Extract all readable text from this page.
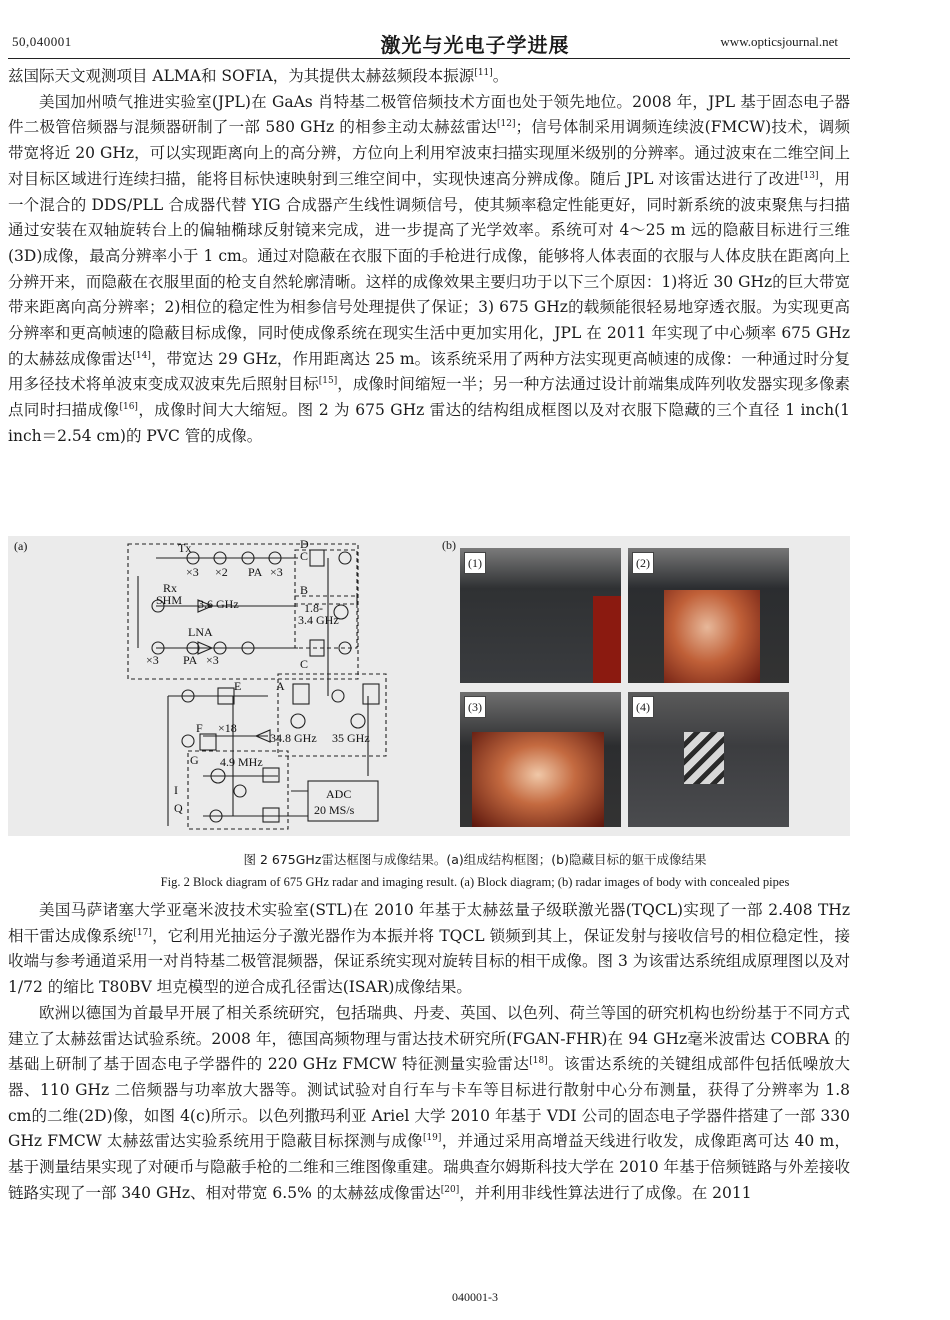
50,040001	激光与光电子学进展	www.opticsjournal.net

兹国际天文观测项目 ALMA和 SOFIA，为其提供太赫兹频段本振源[11]。

美国加州喷气推进实验室(JPL)在 GaAs 肖特基二极管倍频技术方面也处于领先地位。2008 年，JPL 基于固态电子器件二极管倍频器与混频器研制了一部 580 GHz 的相参主动太赫兹雷达[12]；信号体制采用调频连续波(FMCW)技术，调频带宽将近 20 GHz，可以实现距离向上的高分辨，方位向上利用窄波束扫描实现厘米级别的分辨率。通过波束在二维空间上对目标区域进行连续扫描，能将目标快速映射到三维空间中，实现快速高分辨成像。随后 JPL 对该雷达进行了改进[13]，用一个混合的 DDS/PLL 合成器代替 YIG 合成器产生线性调频信号，使其频率稳定性能更好，同时新系统的波束聚焦与扫描通过安装在双轴旋转台上的偏轴椭球反射镜来完成，进一步提高了光学效率。系统可对 4～25 m 远的隐蔽目标进行三维(3D)成像，最高分辨率小于 1 cm。通过对隐蔽在衣服下面的手枪进行成像，能够将人体表面的衣服与人体皮肤在距离向上分辨开来，而隐蔽在衣服里面的枪支自然轮廓清晰。这样的成像效果主要归功于以下三个原因：1)将近 30 GHz的巨大带宽带来距离向高分辨率；2)相位的稳定性为相参信号处理提供了保证；3) 675 GHz的载频能很轻易地穿透衣服。为实现更高分辨率和更高帧速的隐蔽目标成像，同时使成像系统在现实生活中更加实用化，JPL 在 2011 年实现了中心频率 675 GHz 的太赫兹成像雷达[14]，带宽达 29 GHz，作用距离达 25 m。该系统采用了两种方法实现更高帧速的成像：一种通过时分复用多径技术将单波束变成双波束先后照射目标[15]，成像时间缩短一半；另一种方法通过设计前端集成阵列收发器实现多像素点同时扫描成像[16]，成像时间大大缩短。图 2 为 675 GHz 雷达的结构组成框图以及对衣服下隐藏的三个直径 1 inch(1 inch＝2.54 cm)的 PVC 管的成像。

(a)	Tx
Rx
SHM
LNA
PA
PA
×3 ×2	×3
×3	×3
3.6 GHz
D
C
B
1.8-
3.4 GHz
C
A
E
F ×18
34.8 GHz 35 GHz
G 4.9 MHz
I
Q
ADC
20 MS/s
(b)
(1)	(2)
(3)	(4)
图 2 675GHz雷达框图与成像结果。(a)组成结构框图；(b)隐藏目标的躯干成像结果
Fig. 2 Block diagram of 675 GHz radar and imaging result. (a) Block diagram; (b) radar images of body with concealed pipes

美国马萨诸塞大学亚毫米波技术实验室(STL)在 2010 年基于太赫兹量子级联激光器(TQCL)实现了一部 2.408 THz 相干雷达成像系统[17]，它利用光抽运分子激光器作为本振并将 TQCL 锁频到其上，保证发射与接收信号的相位稳定性，接收端与参考通道采用一对肖特基二极管混频器，保证系统实现对旋转目标的相干成像。图 3 为该雷达系统组成原理图以及对 1/72 的缩比 T80BV 坦克模型的逆合成孔径雷达(ISAR)成像结果。

欧洲以德国为首最早开展了相关系统研究，包括瑞典、丹麦、英国、以色列、荷兰等国的研究机构也纷纷基于不同方式建立了太赫兹雷达试验系统。2008 年，德国高频物理与雷达技术研究所(FGAN-FHR)在 94 GHz毫米波雷达 COBRA 的基础上研制了基于固态电子学器件的 220 GHz FMCW 特征测量实验雷达[18]。该雷达系统的关键组成部件包括低噪放大器、110 GHz 二倍频器与功率放大器等。测试试验对自行车与卡车等目标进行散射中心分布测量，获得了分辨率为 1.8 cm的二维(2D)像，如图 4(c)所示。以色列撒玛利亚 Ariel 大学 2010 年基于 VDI 公司的固态电子学器件搭建了一部 330 GHz FMCW 太赫兹雷达实验系统用于隐蔽目标探测与成像[19]，并通过采用高增益天线进行收发，成像距离可达 40 m，基于测量结果实现了对硬币与隐蔽手枪的二维和三维图像重建。瑞典查尔姆斯科技大学在 2010 年基于倍频链路与外差接收链路实现了一部 340 GHz、相对带宽 6.5% 的太赫兹成像雷达[20]，并利用非线性算法进行了成像。在 2011

040001-3
